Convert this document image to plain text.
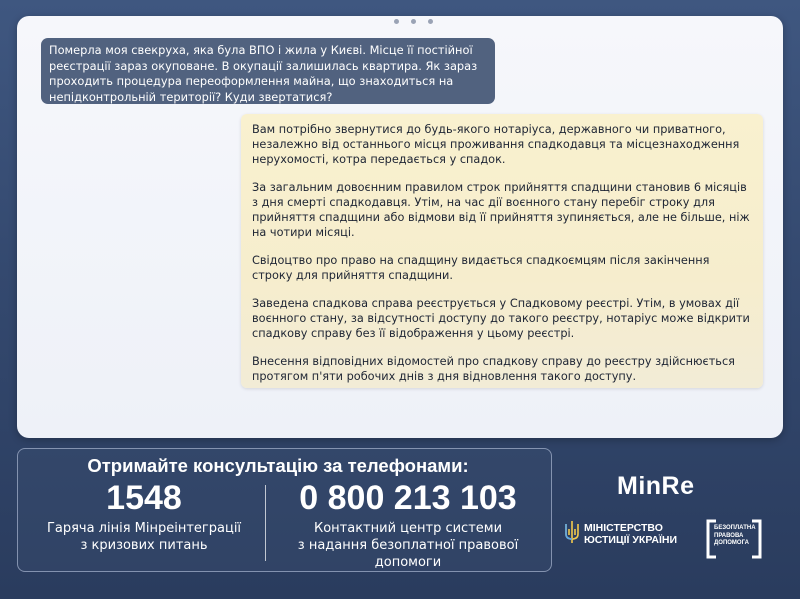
Померла моя свекруха, яка була ВПО і жила у Києві. Місце її постійної реєстрації зараз окуповане. В окупації залишилась квартира. Як зараз проходить процедура переоформлення майна, що знаходиться на непідконтрольній території? Куди звертатися?

Вам потрібно звернутися до будь-якого нотаріуса, державного чи приватного, незалежно від останнього місця проживання спадкодавця та місцезнаходження нерухомості, котра передається у спадок.

За загальним довоєнним правилом строк прийняття спадщини становив 6 місяців з дня смерті спадкодавця. Утім, на час дії воєнного стану перебіг строку для прийняття спадщини або відмови від її прийняття зупиняється, але не більше, ніж на чотири місяці.

Свідоцтво про право на спадщину видається спадкоємцям після закінчення строку для прийняття спадщини.

Заведена спадкова справа реєструється у Спадковому реєстрі. Утім, в умовах дії воєнного стану, за відсутності доступу до такого реєстру, нотаріус може відкрити спадкову справу без її відображення у цьому реєстрі.

Внесення відповідних відомостей про спадкову справу до реєстру здійснюється протягом п'яти робочих днів з дня відновлення такого доступу.

Отримайте консультацію за телефонами:
1548
Гаряча лінія Мінреінтеграції
з кризових питань
0 800 213 103
Контактний центр системи
з надання безоплатної правової
допомоги
MinRe
МІНІСТЕРСТВО
ЮСТИЦІЇ УКРАЇНИ
БЕЗОПЛАТНА
ПРАВОВА
ДОПОМОГА
